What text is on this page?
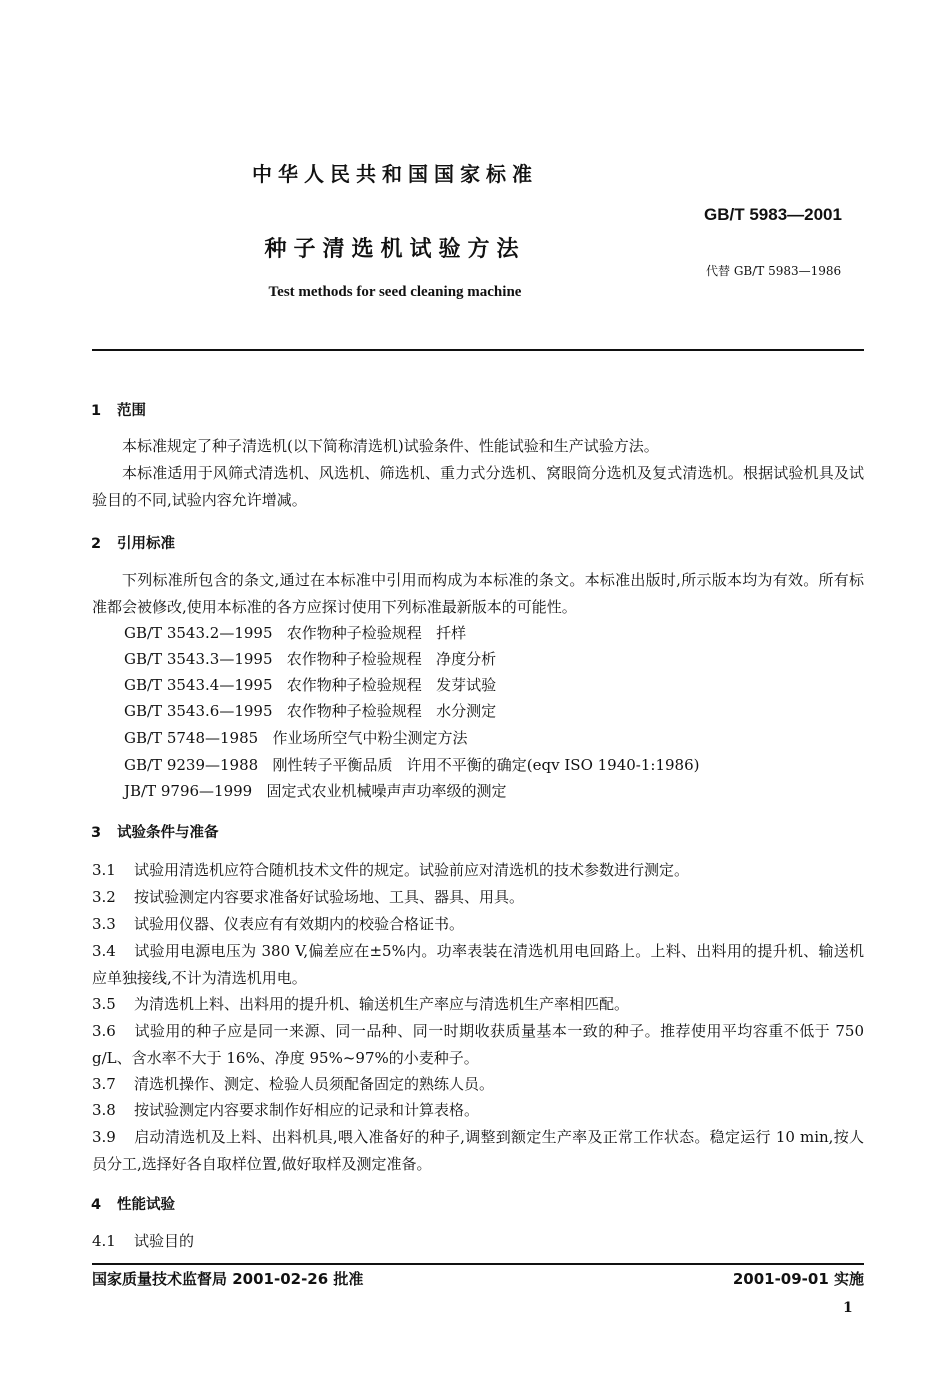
中华人民共和国国家标准
GB/T 5983—2001
种子清选机试验方法
代替 GB/T 5983—1986
Test methods for seed cleaning machine
1 范围
本标准规定了种子清选机(以下简称清选机)试验条件、性能试验和生产试验方法。
本标准适用于风筛式清选机、风选机、筛选机、重力式分选机、窝眼筒分选机及复式清选机。根据试验机具及试验目的不同,试验内容允许增减。
2 引用标准
下列标准所包含的条文,通过在本标准中引用而构成为本标准的条文。本标准出版时,所示版本均为有效。所有标准都会被修改,使用本标准的各方应探讨使用下列标准最新版本的可能性。
GB/T 3543.2—1995   农作物种子检验规程   扦样
GB/T 3543.3—1995   农作物种子检验规程   净度分析
GB/T 3543.4—1995   农作物种子检验规程   发芽试验
GB/T 3543.6—1995   农作物种子检验规程   水分测定
GB/T 5748—1985   作业场所空气中粉尘测定方法
GB/T 9239—1988   刚性转子平衡品质   许用不平衡的确定(eqv ISO 1940-1:1986)
JB/T 9796—1999   固定式农业机械噪声声功率级的测定
3 试验条件与准备
3.1 试验用清选机应符合随机技术文件的规定。试验前应对清选机的技术参数进行测定。
3.2 按试验测定内容要求准备好试验场地、工具、器具、用具。
3.3 试验用仪器、仪表应有有效期内的校验合格证书。
3.4 试验用电源电压为 380 V,偏差应在±5%内。功率表装在清选机用电回路上。上料、出料用的提升机、输送机应单独接线,不计为清选机用电。
3.5 为清选机上料、出料用的提升机、输送机生产率应与清选机生产率相匹配。
3.6 试验用的种子应是同一来源、同一品种、同一时期收获质量基本一致的种子。推荐使用平均容重不低于 750 g/L、含水率不大于 16%、净度 95%~97%的小麦种子。
3.7 清选机操作、测定、检验人员须配备固定的熟练人员。
3.8 按试验测定内容要求制作好相应的记录和计算表格。
3.9 启动清选机及上料、出料机具,喂入准备好的种子,调整到额定生产率及正常工作状态。稳定运行 10 min,按人员分工,选择好各自取样位置,做好取样及测定准备。
4 性能试验
4.1 试验目的
国家质量技术监督局 2001-02-26 批准	2001-09-01 实施
1
